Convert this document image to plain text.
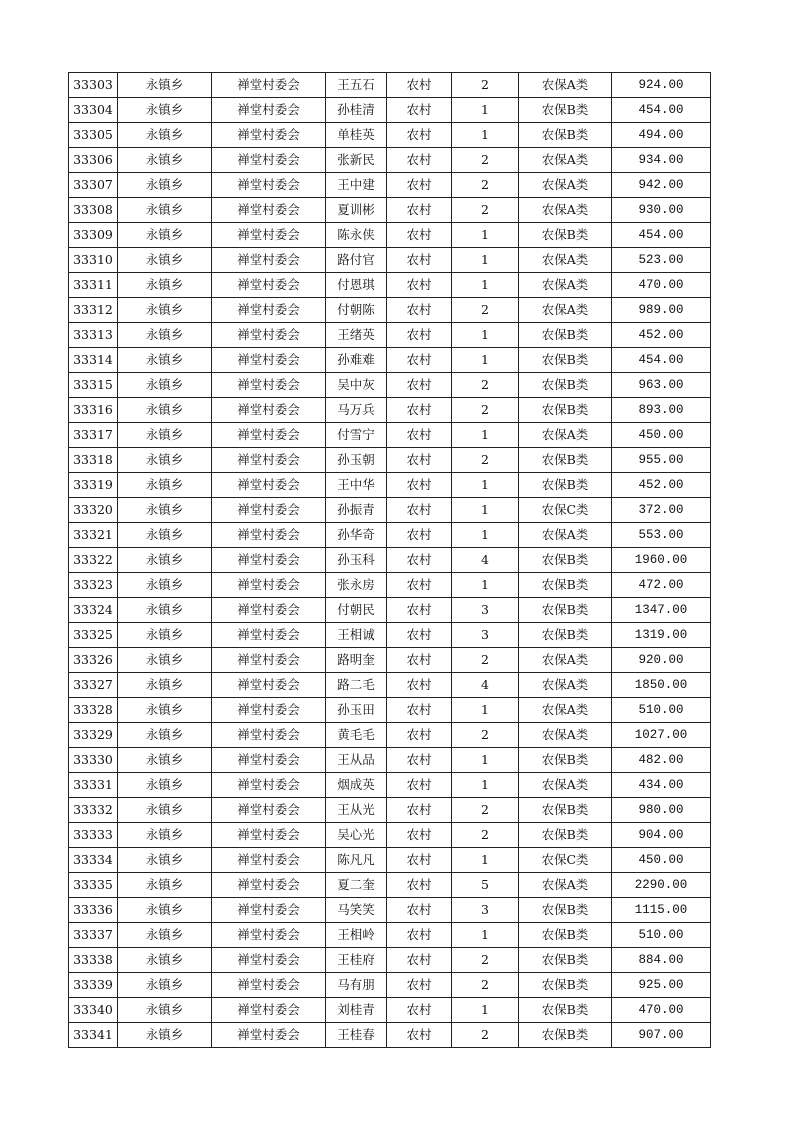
33303	永镇乡	禅堂村委会	王五石	农村	2	农保A类	924.00
33304	永镇乡	禅堂村委会	孙桂清	农村	1	农保B类	454.00
33305	永镇乡	禅堂村委会	单桂英	农村	1	农保B类	494.00
33306	永镇乡	禅堂村委会	张新民	农村	2	农保A类	934.00
33307	永镇乡	禅堂村委会	王中建	农村	2	农保A类	942.00
33308	永镇乡	禅堂村委会	夏训彬	农村	2	农保A类	930.00
33309	永镇乡	禅堂村委会	陈永侠	农村	1	农保B类	454.00
33310	永镇乡	禅堂村委会	路付官	农村	1	农保A类	523.00
33311	永镇乡	禅堂村委会	付恩琪	农村	1	农保A类	470.00
33312	永镇乡	禅堂村委会	付朝陈	农村	2	农保A类	989.00
33313	永镇乡	禅堂村委会	王绪英	农村	1	农保B类	452.00
33314	永镇乡	禅堂村委会	孙难难	农村	1	农保B类	454.00
33315	永镇乡	禅堂村委会	吴中灰	农村	2	农保B类	963.00
33316	永镇乡	禅堂村委会	马万兵	农村	2	农保B类	893.00
33317	永镇乡	禅堂村委会	付雪宁	农村	1	农保A类	450.00
33318	永镇乡	禅堂村委会	孙玉朝	农村	2	农保B类	955.00
33319	永镇乡	禅堂村委会	王中华	农村	1	农保B类	452.00
33320	永镇乡	禅堂村委会	孙振青	农村	1	农保C类	372.00
33321	永镇乡	禅堂村委会	孙华奇	农村	1	农保A类	553.00
33322	永镇乡	禅堂村委会	孙玉科	农村	4	农保B类	1960.00
33323	永镇乡	禅堂村委会	张永房	农村	1	农保B类	472.00
33324	永镇乡	禅堂村委会	付朝民	农村	3	农保B类	1347.00
33325	永镇乡	禅堂村委会	王相诚	农村	3	农保B类	1319.00
33326	永镇乡	禅堂村委会	路明奎	农村	2	农保A类	920.00
33327	永镇乡	禅堂村委会	路二毛	农村	4	农保A类	1850.00
33328	永镇乡	禅堂村委会	孙玉田	农村	1	农保A类	510.00
33329	永镇乡	禅堂村委会	黄毛毛	农村	2	农保A类	1027.00
33330	永镇乡	禅堂村委会	王从品	农村	1	农保B类	482.00
33331	永镇乡	禅堂村委会	烟成英	农村	1	农保A类	434.00
33332	永镇乡	禅堂村委会	王从光	农村	2	农保B类	980.00
33333	永镇乡	禅堂村委会	吴心光	农村	2	农保B类	904.00
33334	永镇乡	禅堂村委会	陈凡凡	农村	1	农保C类	450.00
33335	永镇乡	禅堂村委会	夏二奎	农村	5	农保A类	2290.00
33336	永镇乡	禅堂村委会	马笑笑	农村	3	农保B类	1115.00
33337	永镇乡	禅堂村委会	王相岭	农村	1	农保B类	510.00
33338	永镇乡	禅堂村委会	王桂府	农村	2	农保B类	884.00
33339	永镇乡	禅堂村委会	马有朋	农村	2	农保B类	925.00
33340	永镇乡	禅堂村委会	刘桂青	农村	1	农保B类	470.00
33341	永镇乡	禅堂村委会	王桂春	农村	2	农保B类	907.00
